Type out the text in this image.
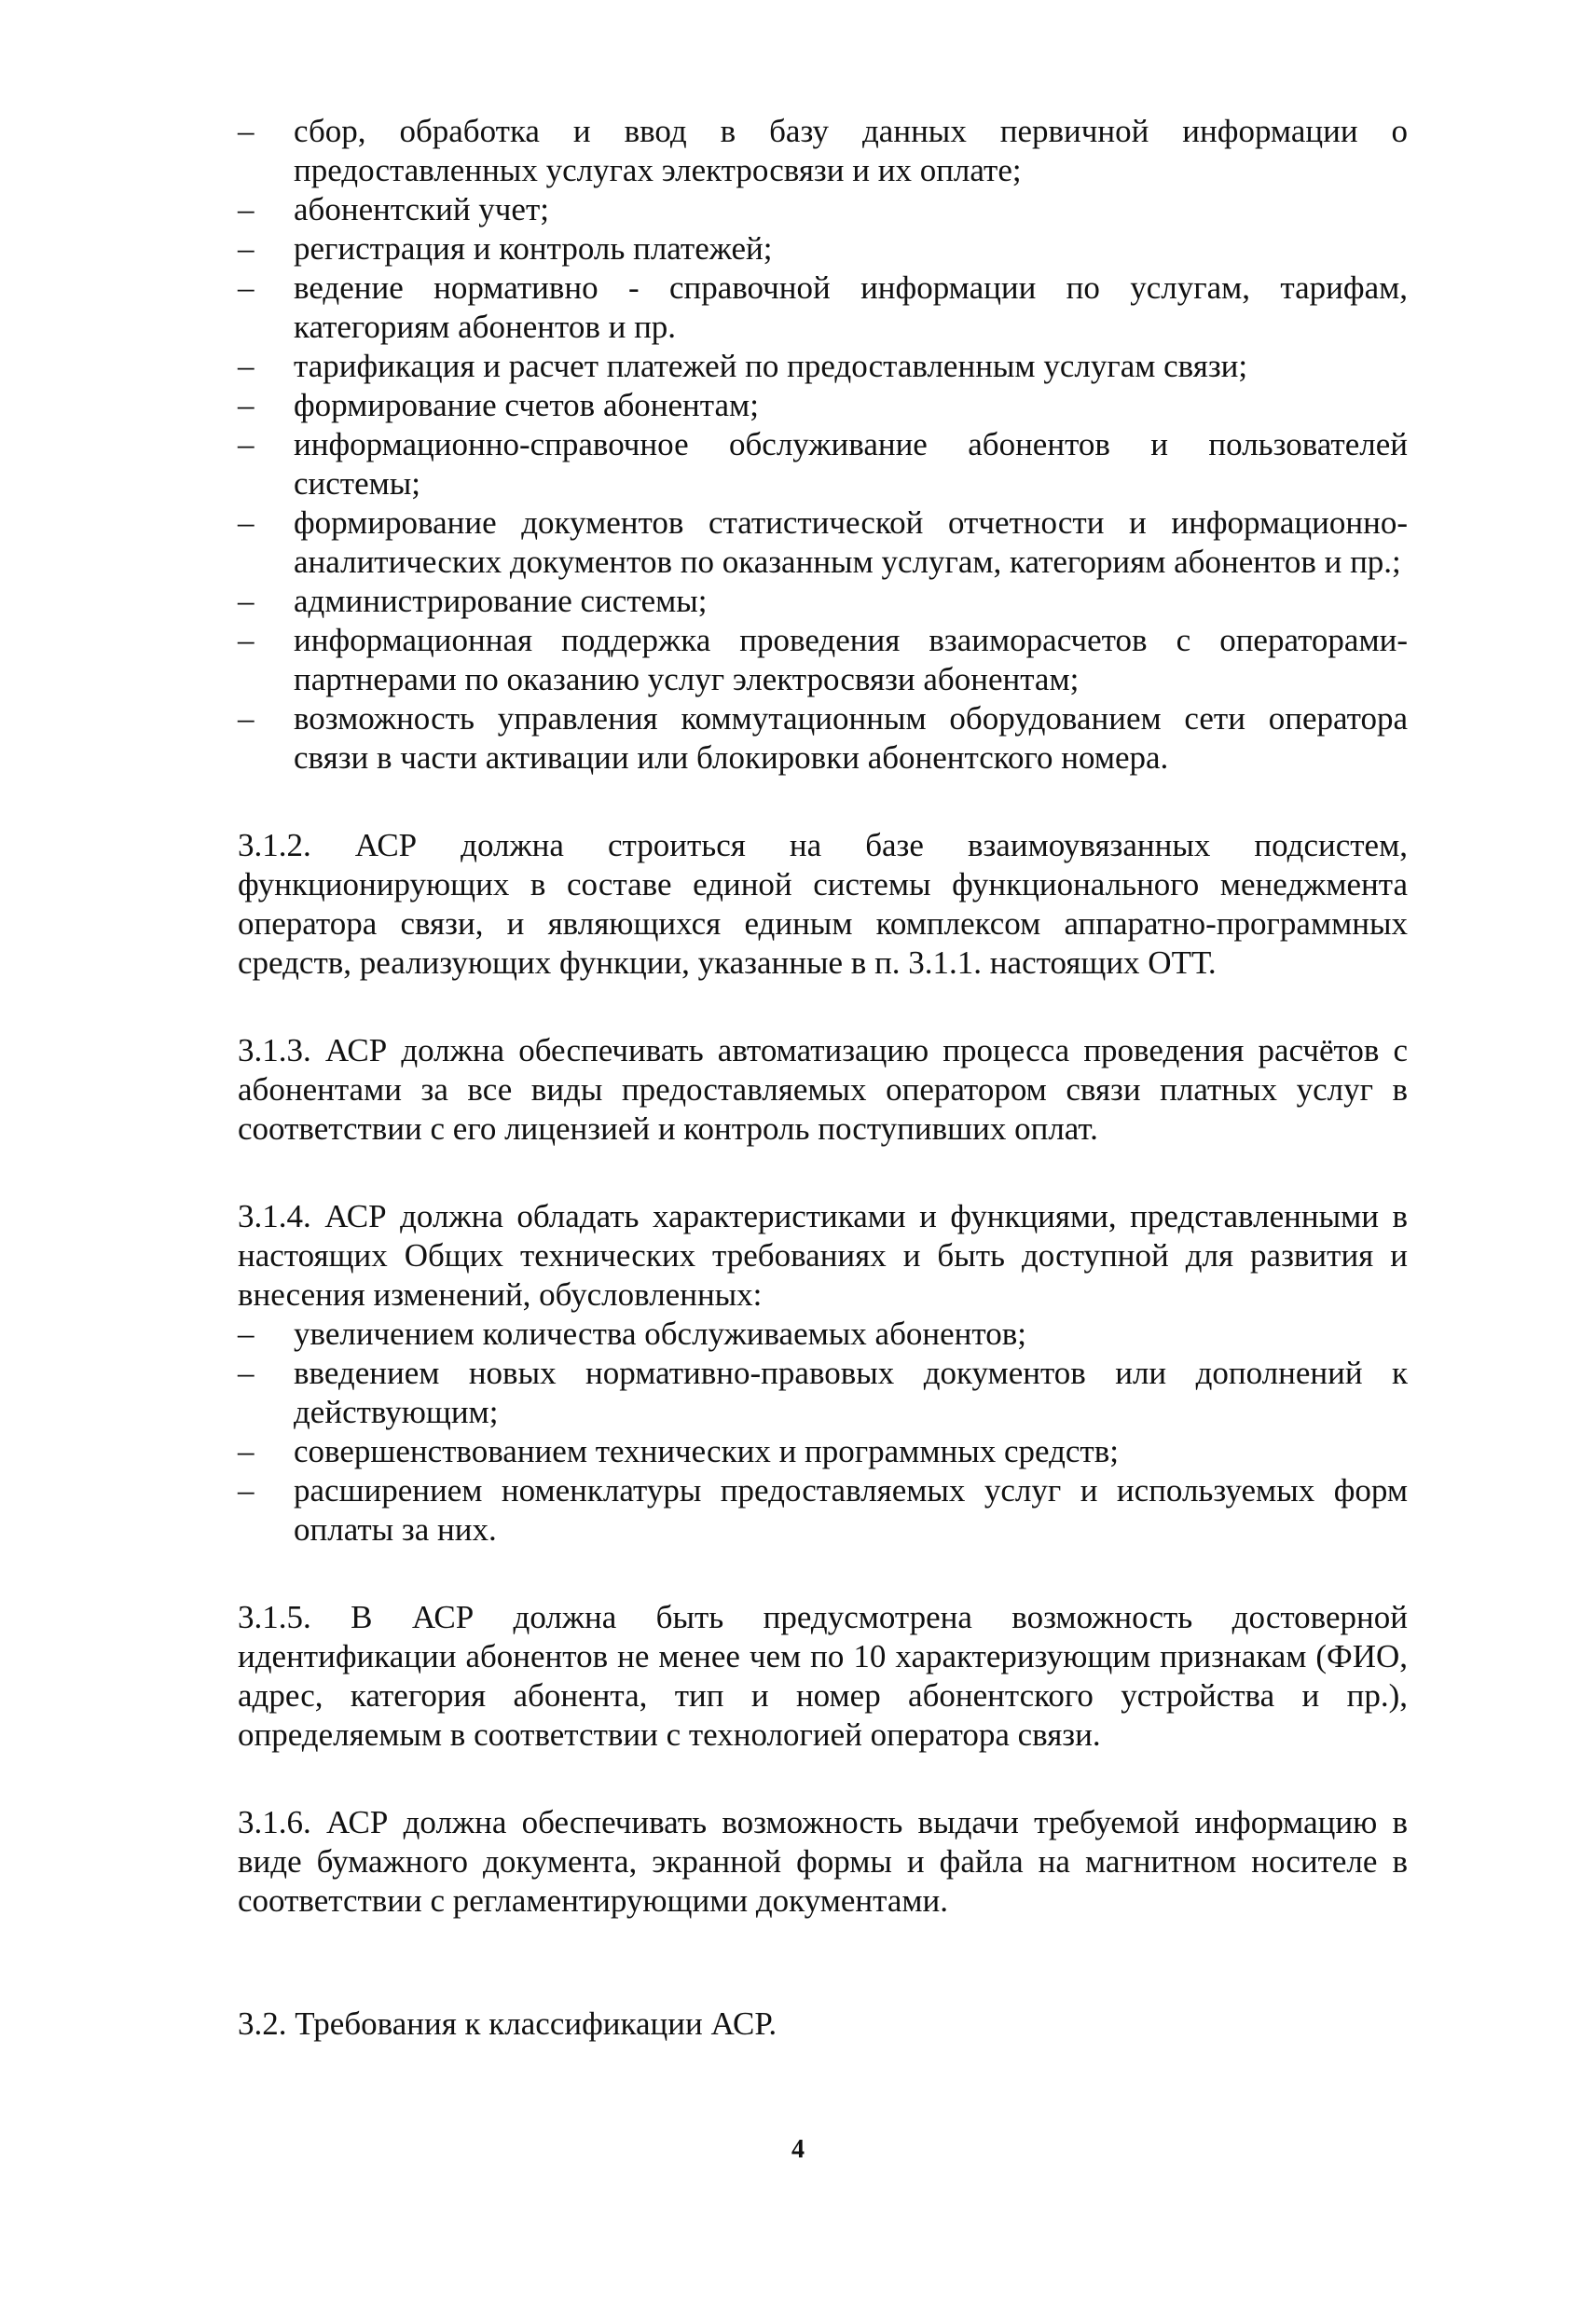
– сбор, обработка и ввод в базу данных первичной информации о предоставленных услугах электросвязи и их оплате;
– абонентский учет;
– регистрация и контроль платежей;
– ведение нормативно - справочной информации по услугам, тарифам, категориям абонентов и пр.
– тарификация и расчет платежей по предоставленным услугам связи;
– формирование счетов абонентам;
– информационно-справочное обслуживание абонентов и пользователей системы;
– формирование документов статистической отчетности и информационно-аналитических документов по оказанным услугам, категориям абонентов и пр.;
– администрирование системы;
– информационная поддержка проведения взаиморасчетов с операторами-партнерами по оказанию услуг электросвязи абонентам;
– возможность управления коммутационным оборудованием сети оператора связи в части активации или блокировки абонентского номера.

3.1.2. АСР должна строиться на базе взаимоувязанных подсистем, функционирующих в составе единой системы функционального менеджмента оператора связи, и являющихся единым комплексом аппаратно-программных средств, реализующих функции, указанные в п. 3.1.1. настоящих ОТТ.

3.1.3. АСР должна обеспечивать автоматизацию процесса проведения расчётов с абонентами за все виды предоставляемых оператором связи платных услуг в соответствии с его лицензией и контроль поступивших оплат.

3.1.4. АСР должна обладать характеристиками и функциями, представленными в настоящих Общих технических требованиях и быть доступной для развития и внесения изменений, обусловленных:

– увеличением количества обслуживаемых абонентов;
– введением новых нормативно-правовых документов или дополнений к действующим;
– совершенствованием технических и программных средств;
– расширением номенклатуры предоставляемых услуг и используемых форм оплаты за них.

3.1.5. В АСР должна быть предусмотрена возможность достоверной идентификации абонентов не менее чем по 10 характеризующим признакам (ФИО, адрес, категория абонента, тип и номер абонентского устройства и пр.), определяемым в соответствии с технологией оператора связи.

3.1.6. АСР должна обеспечивать возможность выдачи требуемой информацию в виде бумажного документа, экранной формы и файла на магнитном носителе в соответствии с регламентирующими документами.

3.2. Требования к классификации АСР.

4
